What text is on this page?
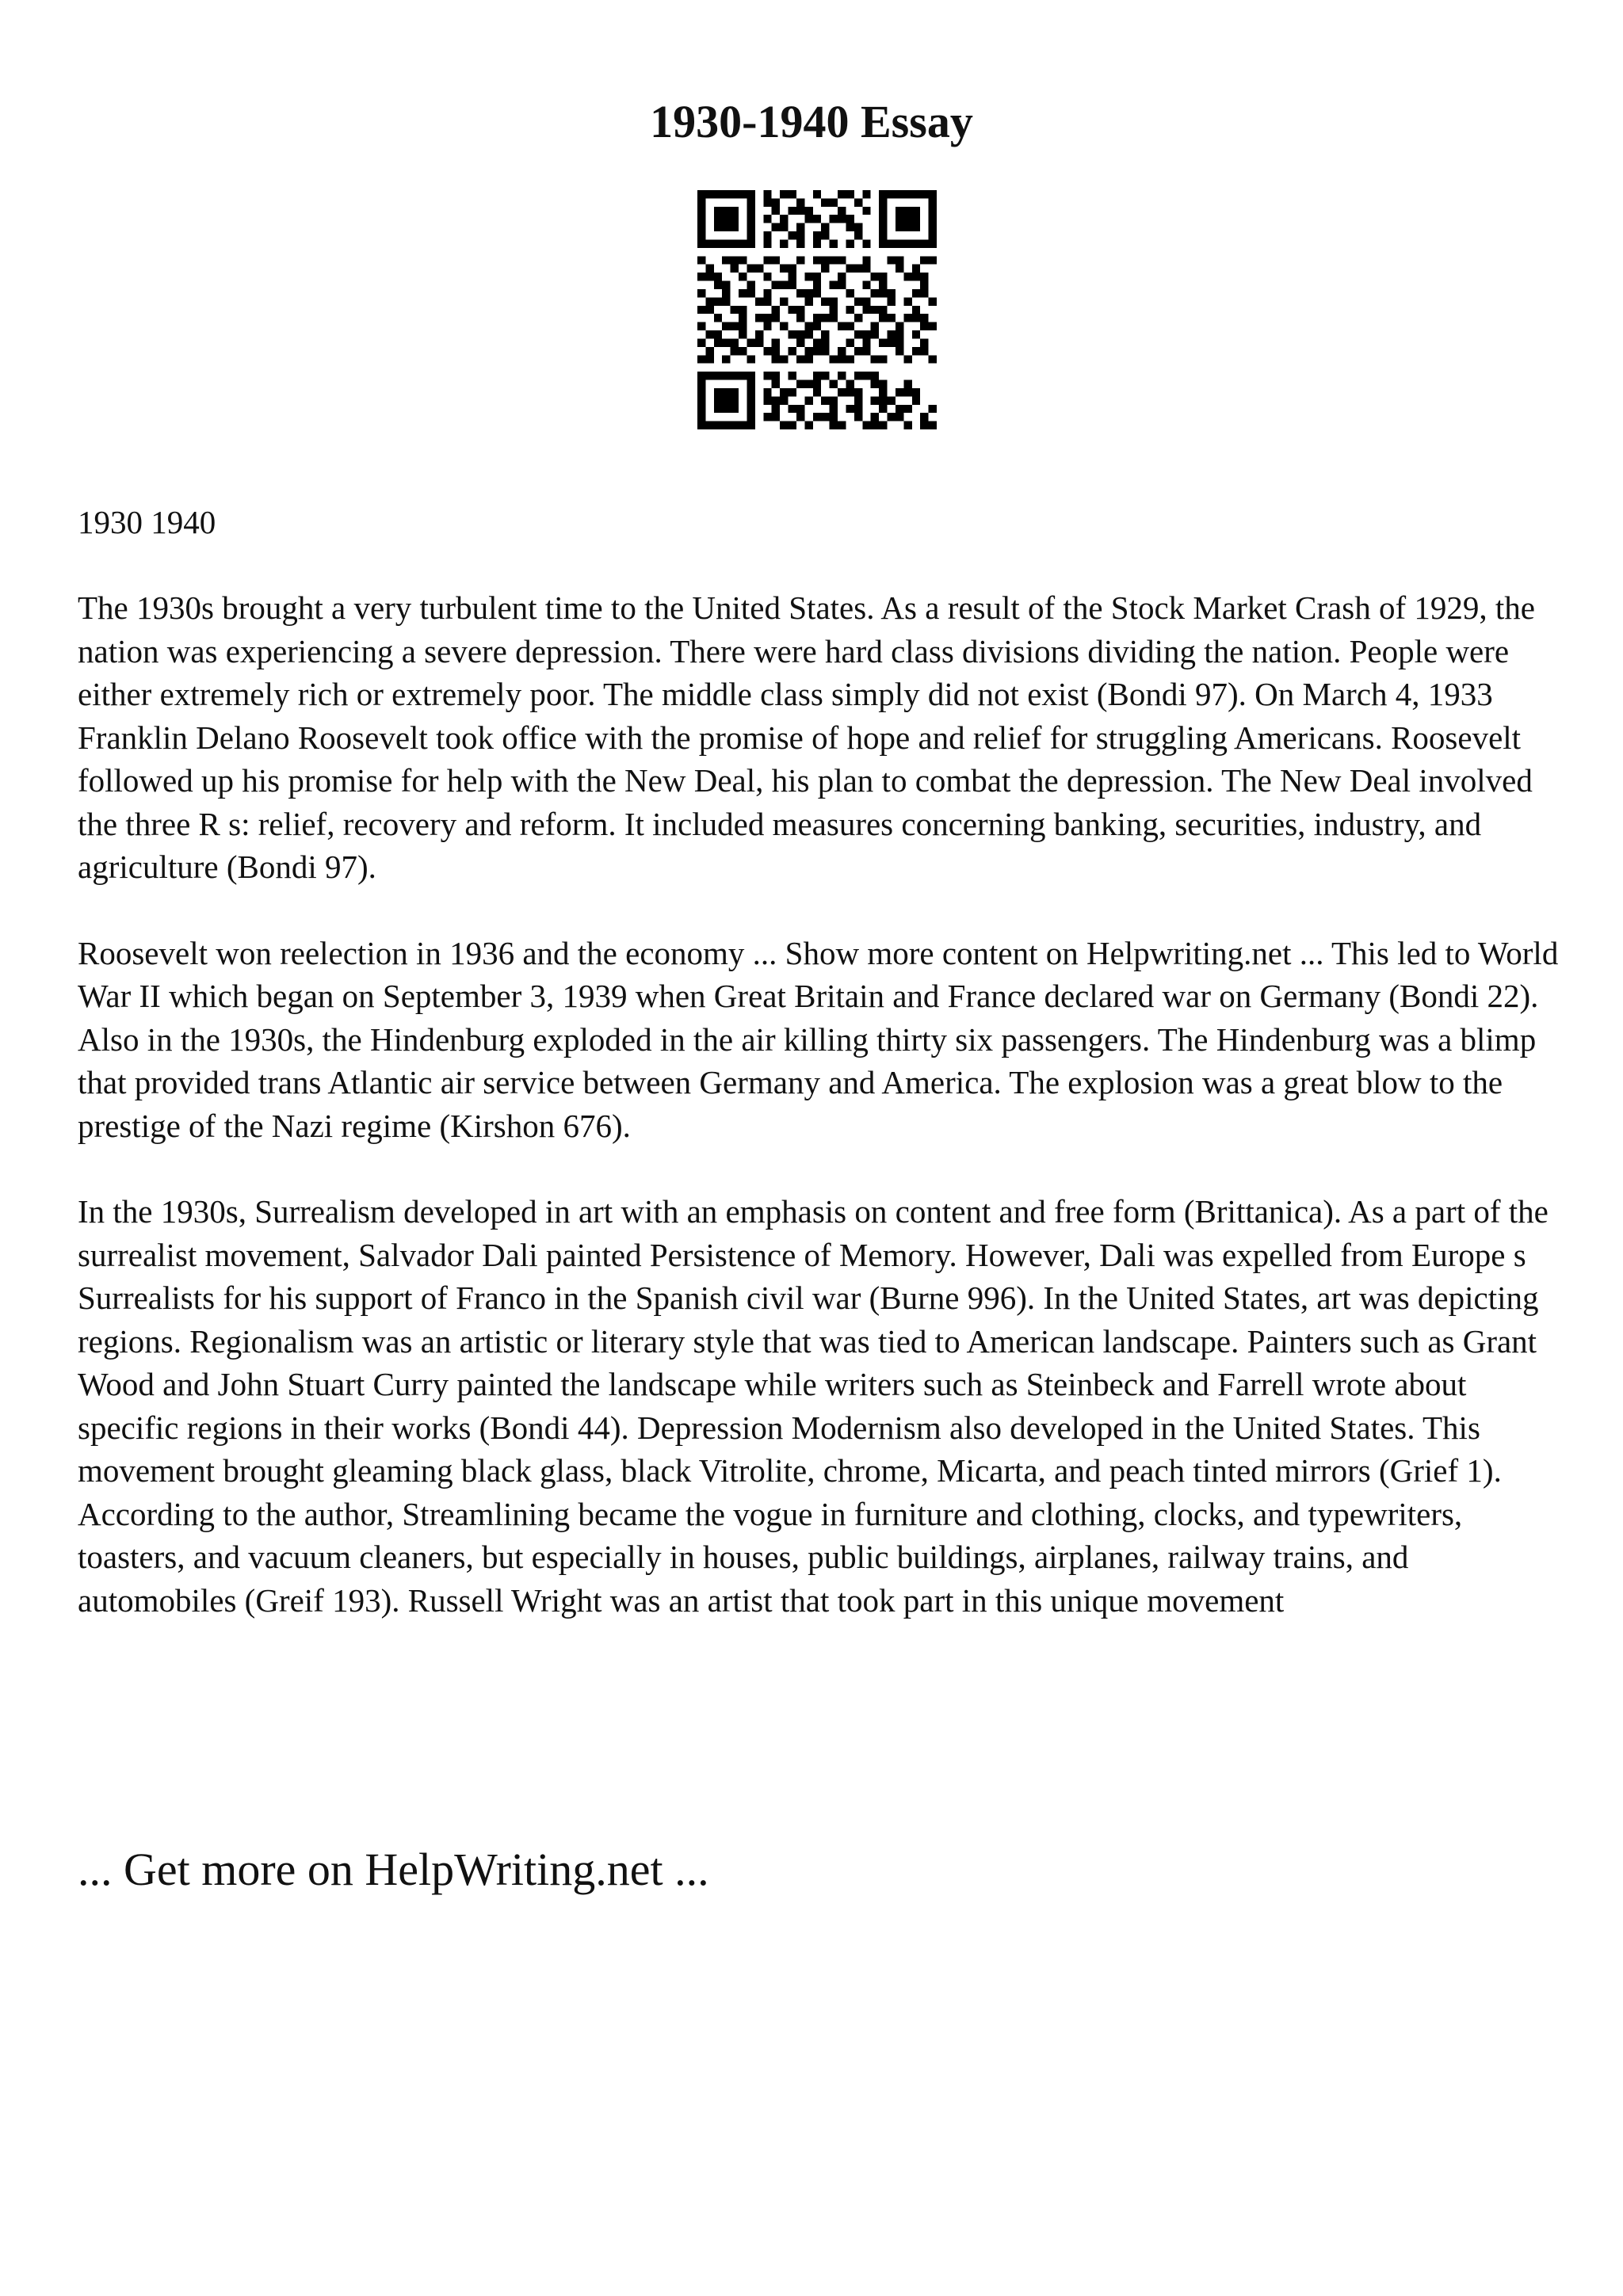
1930-1940 Essay

1930 1940

The 1930s brought a very turbulent time to the United States. As a result of the Stock Market Crash of 1929, the nation was experiencing a severe depression. There were hard class divisions dividing the nation. People were either extremely rich or extremely poor. The middle class simply did not exist (Bondi 97). On March 4, 1933 Franklin Delano Roosevelt took office with the promise of hope and relief for struggling Americans. Roosevelt followed up his promise for help with the New Deal, his plan to combat the depression. The New Deal involved the three R s: relief, recovery and reform. It included measures concerning banking, securities, industry, and agriculture (Bondi 97).

Roosevelt won reelection in 1936 and the economy ... Show more content on Helpwriting.net ... This led to World War II which began on September 3, 1939 when Great Britain and France declared war on Germany (Bondi 22). Also in the 1930s, the Hindenburg exploded in the air killing thirty six passengers. The Hindenburg was a blimp that provided trans Atlantic air service between Germany and America. The explosion was a great blow to the prestige of the Nazi regime (Kirshon 676).

In the 1930s, Surrealism developed in art with an emphasis on content and free form (Brittanica). As a part of the surrealist movement, Salvador Dali painted Persistence of Memory. However, Dali was expelled from Europe s Surrealists for his support of Franco in the Spanish civil war (Burne 996). In the United States, art was depicting regions. Regionalism was an artistic or literary style that was tied to American landscape. Painters such as Grant Wood and John Stuart Curry painted the landscape while writers such as Steinbeck and Farrell wrote about specific regions in their works (Bondi 44). Depression Modernism also developed in the United States. This movement brought gleaming black glass, black Vitrolite, chrome, Micarta, and peach tinted mirrors (Grief 1). According to the author, Streamlining became the vogue in furniture and clothing, clocks, and typewriters, toasters, and vacuum cleaners, but especially in houses, public buildings, airplanes, railway trains, and automobiles (Greif 193). Russell Wright was an artist that took part in this unique movement

... Get more on HelpWriting.net ...
